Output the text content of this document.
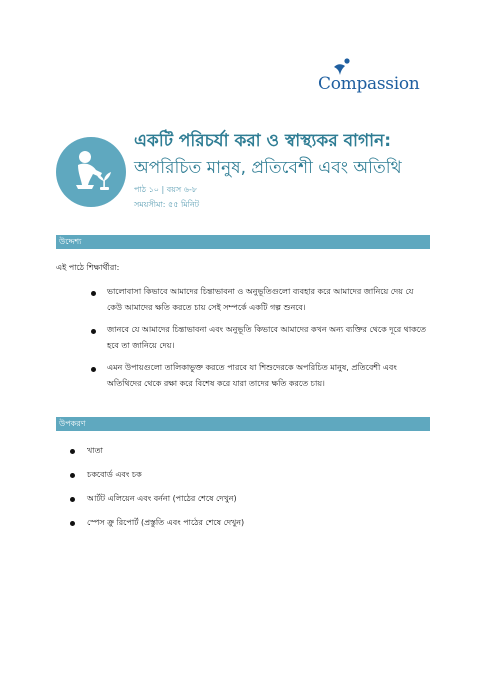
Compassion
একটি পরিচর্যা করা ও স্বাস্থ্যকর বাগান:
অপরিচিত মানুষ, প্রতিবেশী এবং অতিথি
পাঠ ১০ | বয়স ৬-৮
সময়সীমা: ৫৫ মিনিট
উদ্দেশ্য
এই পাঠে শিক্ষার্থীরা:
ভালোবাসা কিভাবে আমাদের চিন্তাভাবনা ও অনুভূতিগুলো ব্যবহার করে আমাদের জানিয়ে দেয় যে কেউ আমাদের ক্ষতি করতে চায় সেই সম্পর্কে একটি গল্প শুনবে।
জানবে যে আমাদের চিন্তাভাবনা এবং অনুভূতি কিভাবে আমাদের কখন অন্য ব্যক্তির থেকে দূরে থাকতে হবে তা জানিয়ে দেয়।
এমন উপায়গুলো তালিকাভুক্ত করতে পারবে যা শিশুদেরকে অপরিচিত মানুষ, প্রতিবেশী এবং অতিথিদের থেকে রক্ষা করে বিশেষ করে যারা তাদের ক্ষতি করতে চায়।
উপকরণ
খাতা
চকবোর্ড এবং চক
আর্টট এলিয়েন এবং বর্ননা (পাঠের শেষে দেখুন)
স্পেস ক্রু রিপোর্ট (প্রস্তুতি এবং পাঠের শেষে দেখুন)
